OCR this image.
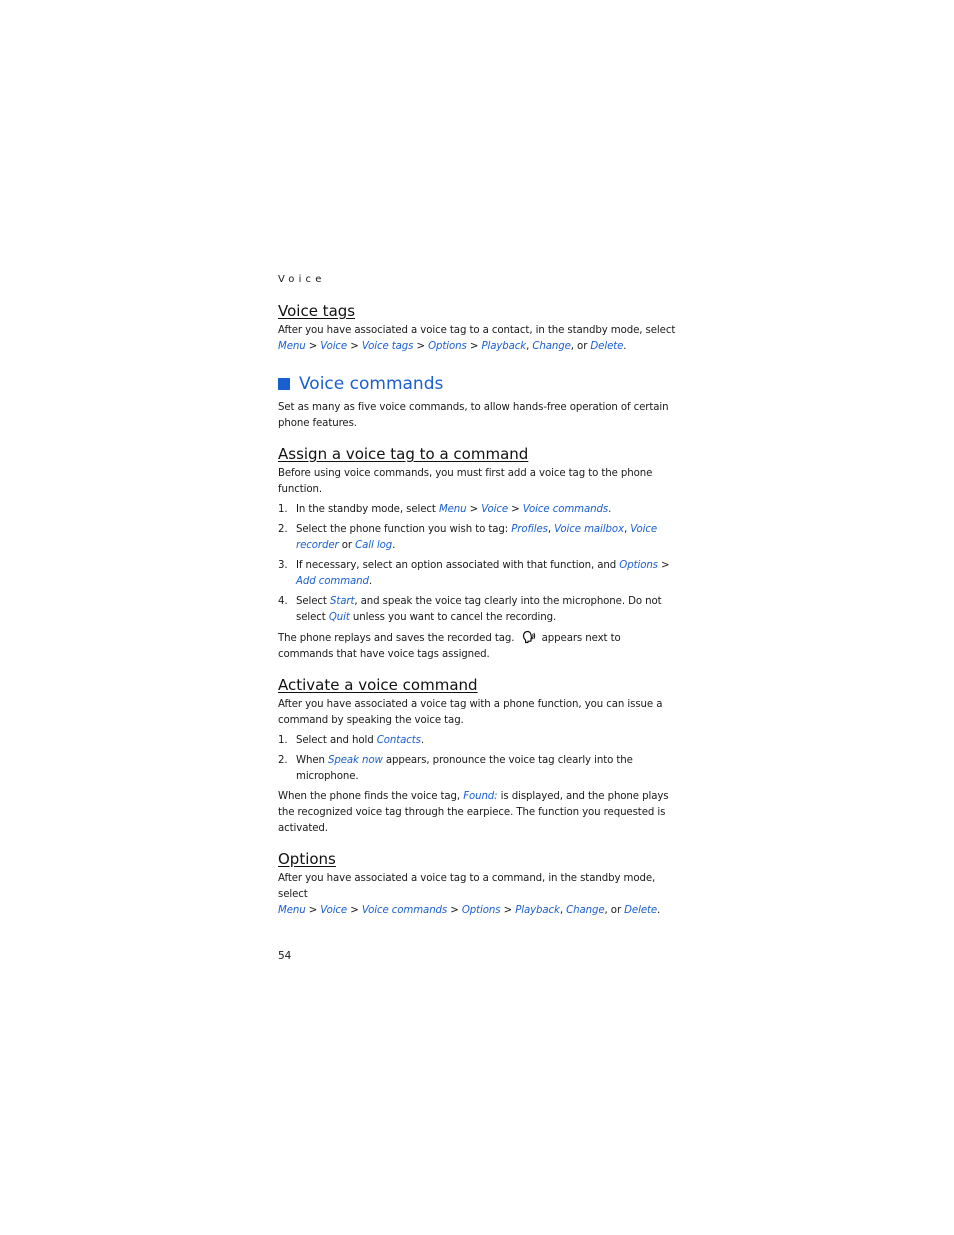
Voice
Voice tags

After you have associated a voice tag to a contact, in the standby mode, select
Menu > Voice > Voice tags > Options > Playback, Change, or Delete.

Voice commands

Set as many as five voice commands, to allow hands-free operation of certain phone features.

Assign a voice tag to a command

Before using voice commands, you must first add a voice tag to the phone function.

1. In the standby mode, select Menu > Voice > Voice commands.
2. Select the phone function you wish to tag: Profiles, Voice mailbox, Voice recorder or Call log.
3. If necessary, select an option associated with that function, and Options > Add command.
4. Select Start, and speak the voice tag clearly into the microphone. Do not select Quit unless you want to cancel the recording.

The phone replays and saves the recorded tag.	appears next to commands that have voice tags assigned.

Activate a voice command

After you have associated a voice tag with a phone function, you can issue a command by speaking the voice tag.

1. Select and hold Contacts.
2. When Speak now appears, pronounce the voice tag clearly into the microphone.

When the phone finds the voice tag, Found: is displayed, and the phone plays the recognized voice tag through the earpiece. The function you requested is activated.

Options

After you have associated a voice tag to a command, in the standby mode, select
Menu > Voice > Voice commands > Options > Playback, Change, or Delete.

54
